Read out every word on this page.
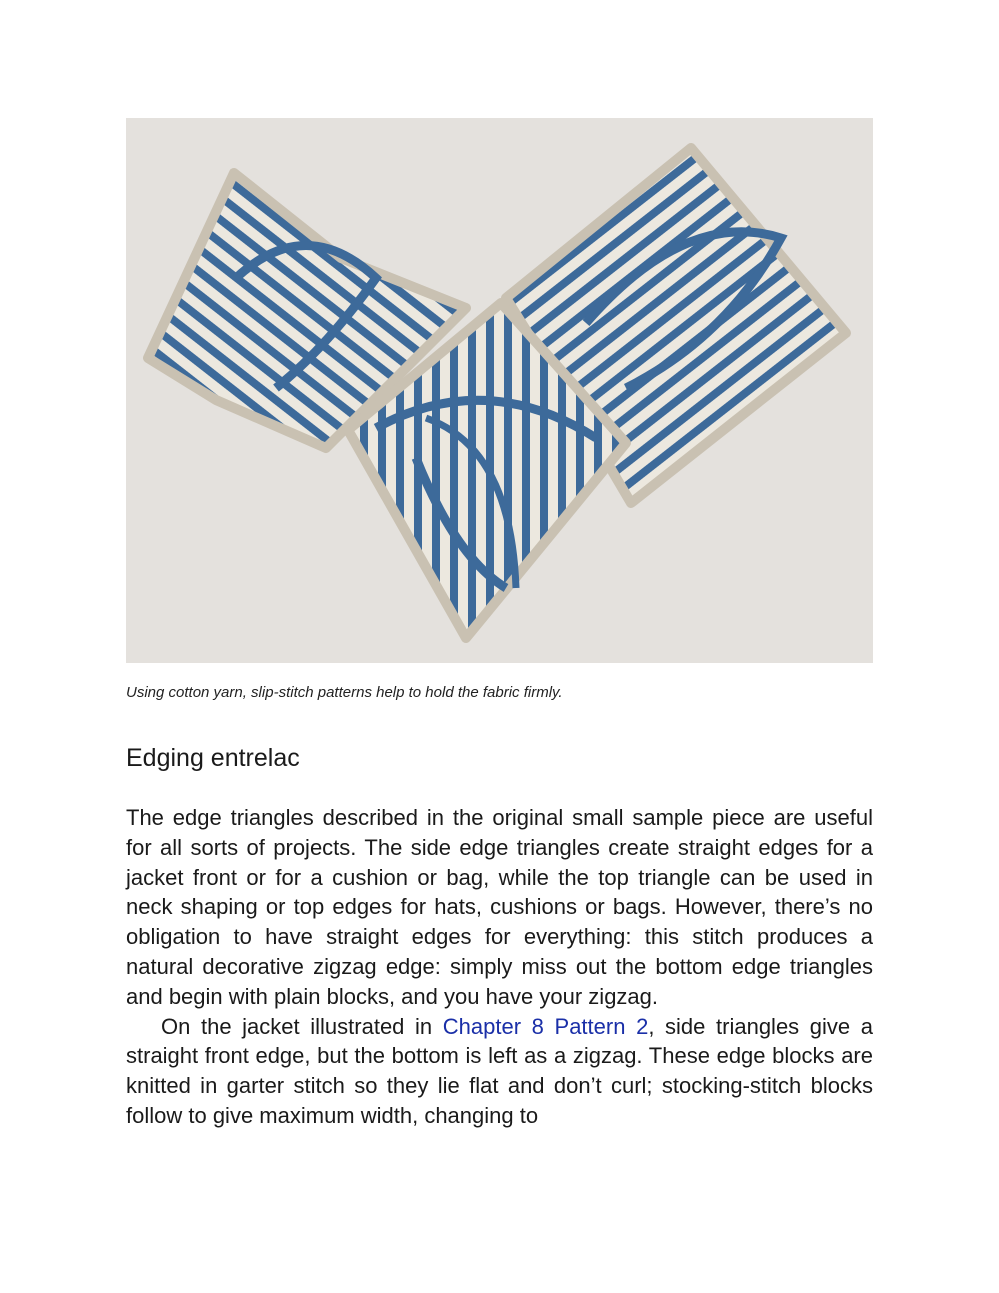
Using cotton yarn, slip-stitch patterns help to hold the fabric firmly.
Edging entrelac

The edge triangles described in the original small sample piece are useful for all sorts of projects. The side edge triangles create straight edges for a jacket front or for a cushion or bag, while the top triangle can be used in neck shaping or top edges for hats, cushions or bags. However, there’s no obligation to have straight edges for everything: this stitch produces a natural decorative zigzag edge: simply miss out the bottom edge triangles and begin with plain blocks, and you have your zigzag.

On the jacket illustrated in Chapter 8 Pattern 2, side triangles give a straight front edge, but the bottom is left as a zigzag. These edge blocks are knitted in garter stitch so they lie flat and don’t curl; stocking-stitch blocks follow to give maximum width, changing to
